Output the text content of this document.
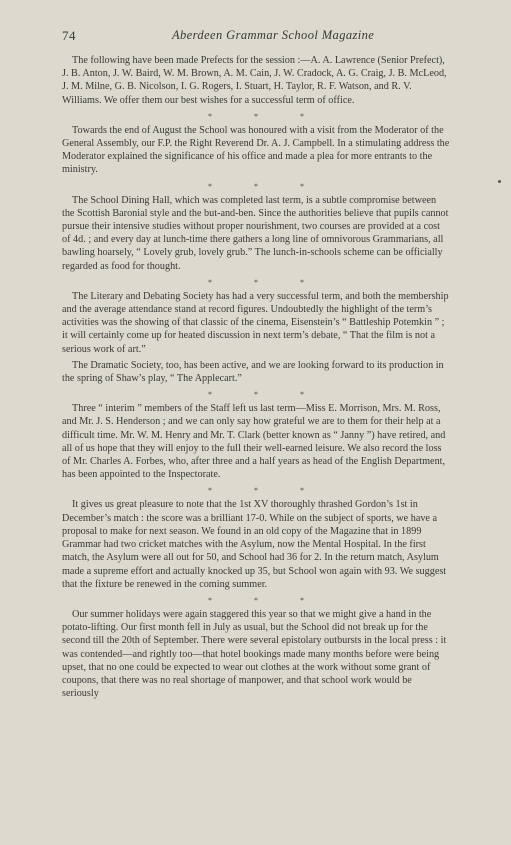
74	Aberdeen Grammar School Magazine

The following have been made Prefects for the session :—A. A. Lawrence (Senior Prefect), J. B. Anton, J. W. Baird, W. M. Brown, A. M. Cain, J. W. Cradock, A. G. Craig, J. B. McLeod, J. M. Milne, G. B. Nicolson, I. G. Rogers, I. Stuart, H. Taylor, R. F. Watson, and R. V. Williams. We offer them our best wishes for a successful term of office.

* * *

Towards the end of August the School was honoured with a visit from the Moderator of the General Assembly, our F.P. the Right Reverend Dr. A. J. Campbell. In a stimulating address the Moderator explained the significance of his office and made a plea for more entrants to the ministry.

* * *

The School Dining Hall, which was completed last term, is a subtle compromise between the Scottish Baronial style and the but-and-ben. Since the authorities believe that pupils cannot pursue their intensive studies without proper nourishment, two courses are provided at a cost of 4d. ; and every day at lunch-time there gathers a long line of omnivorous Grammarians, all bawling hoarsely, “ Lovely grub, lovely grub.” The lunch-in-schools scheme can be officially regarded as food for thought.

* * *

The Literary and Debating Society has had a very successful term, and both the membership and the average attendance stand at record figures. Undoubtedly the highlight of the term’s activities was the showing of that classic of the cinema, Eisenstein’s “ Battleship Potemkin ” ; it will certainly come up for heated discussion in next term’s debate, “ That the film is not a serious work of art.”

The Dramatic Society, too, has been active, and we are looking forward to its production in the spring of Shaw’s play, “ The Applecart.”

* * *

Three “ interim ” members of the Staff left us last term—Miss E. Morrison, Mrs. M. Ross, and Mr. J. S. Henderson ; and we can only say how grateful we are to them for their help at a difficult time. Mr. W. M. Henry and Mr. T. Clark (better known as “ Janny ”) have retired, and all of us hope that they will enjoy to the full their well-earned leisure. We also record the loss of Mr. Charles A. Forbes, who, after three and a half years as head of the English Department, has been appointed to the Inspectorate.

* * *

It gives us great pleasure to note that the 1st XV thoroughly thrashed Gordon’s 1st in December’s match : the score was a brilliant 17-0. While on the subject of sports, we have a proposal to make for next season. We found in an old copy of the Magazine that in 1899 Grammar had two cricket matches with the Asylum, now the Mental Hospital. In the first match, the Asylum were all out for 50, and School had 36 for 2. In the return match, Asylum made a supreme effort and actually knocked up 35, but School won again with 93. We suggest that the fixture be renewed in the coming summer.

* * *

Our summer holidays were again staggered this year so that we might give a hand in the potato-lifting. Our first month fell in July as usual, but the School did not break up for the second till the 20th of September. There were several epistolary outbursts in the local press : it was contended—and rightly too—that hotel bookings made many months before were being upset, that no one could be expected to wear out clothes at the work without some grant of coupons, that there was no real shortage of manpower, and that school work would be seriously
